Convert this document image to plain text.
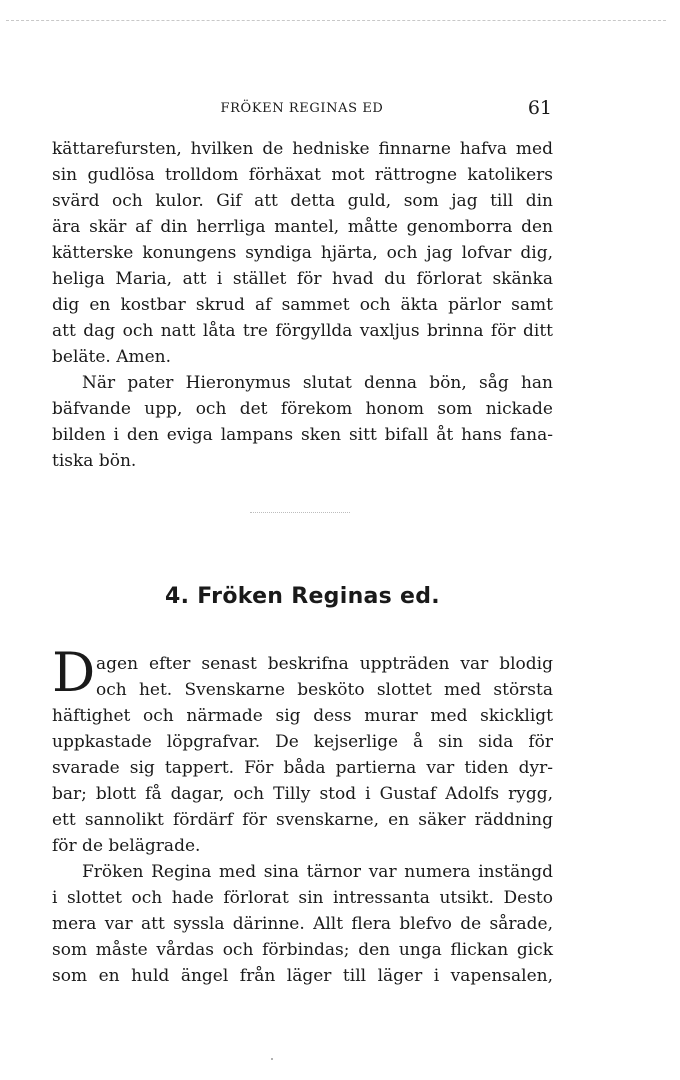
FRÖKEN REGINAS ED	61
kättarefursten, hvilken de hedniske finnarne hafva med
sin gudlösa trolldom förhäxat mot rättrogne katolikers
svärd och kulor. Gif att detta guld, som jag till din
ära skär af din herrliga mantel, måtte genomborra den
kätterske konungens syndiga hjärta, och jag lofvar dig,
heliga Maria, att i stället för hvad du förlorat skänka
dig en kostbar skrud af sammet och äkta pärlor samt
att dag och natt låta tre förgyllda vaxljus brinna för ditt
beläte. Amen.
När pater Hieronymus slutat denna bön, såg han
bäfvande upp, och det förekom honom som nickade
bilden i den eviga lampans sken sitt bifall åt hans fana-
tiska bön.
4. Fröken Reginas ed.
D agen efter senast beskrifna uppträden var blodig
och het. Svenskarne besköto slottet med största
häftighet och närmade sig dess murar med skickligt
uppkastade löpgrafvar. De kejserlige å sin sida för
svarade sig tappert. För båda partierna var tiden dyr-
bar; blott få dagar, och Tilly stod i Gustaf Adolfs rygg,
ett sannolikt fördärf för svenskarne, en säker räddning
för de belägrade.
Fröken Regina med sina tärnor var numera instängd
i slottet och hade förlorat sin intressanta utsikt. Desto
mera var att syssla därinne. Allt flera blefvo de sårade,
som måste vårdas och förbindas; den unga flickan gick
som en huld ängel från läger till läger i vapensalen,
